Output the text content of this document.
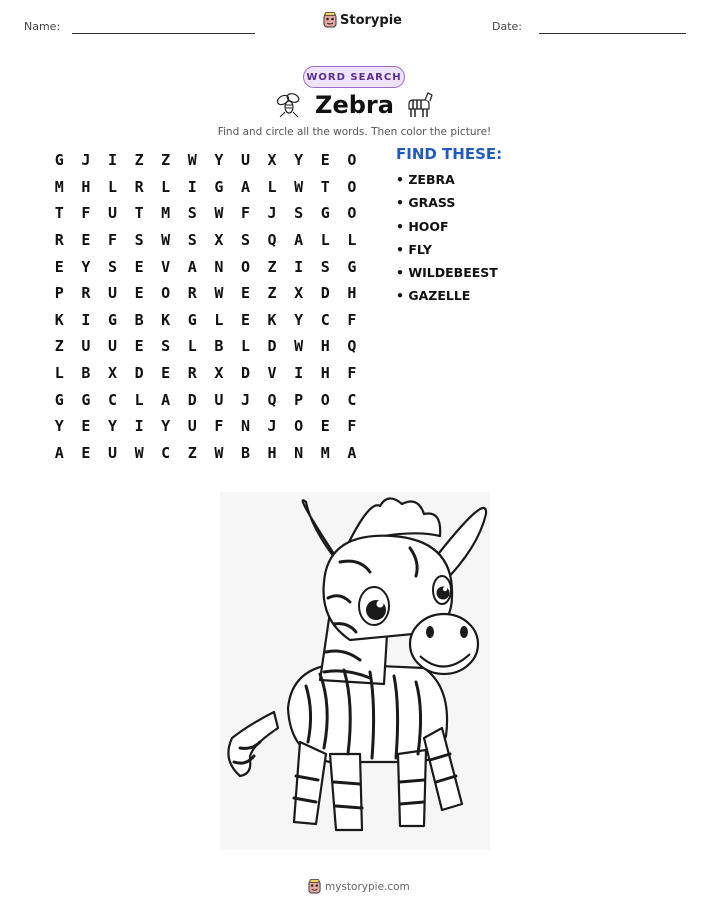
Name:	Storypie	Date:
WORD SEARCH
Zebra
Find and circle all the words. Then color the picture!
G	J	I	Z	Z	W	Y	U	X	Y	E	O
M	H	L	R	L	I	G	A	L	W	T	O
T	F	U	T	M	S	W	F	J	S	G	O
R	E	F	S	W	S	X	S	Q	A	L	L
E	Y	S	E	V	A	N	O	Z	I	S	G
P	R	U	E	O	R	W	E	Z	X	D	H
K	I	G	B	K	G	L	E	K	Y	C	F
Z	U	U	E	S	L	B	L	D	W	H	Q
L	B	X	D	E	R	X	D	V	I	H	F
G	G	C	L	A	D	U	J	Q	P	O	C
Y	E	Y	I	Y	U	F	N	J	O	E	F
A	E	U	W	C	Z	W	B	H	N	M	A
FIND THESE:
• ZEBRA
• GRASS
• HOOF
• FLY
• WILDEBEEST
• GAZELLE
mystorypie.com
